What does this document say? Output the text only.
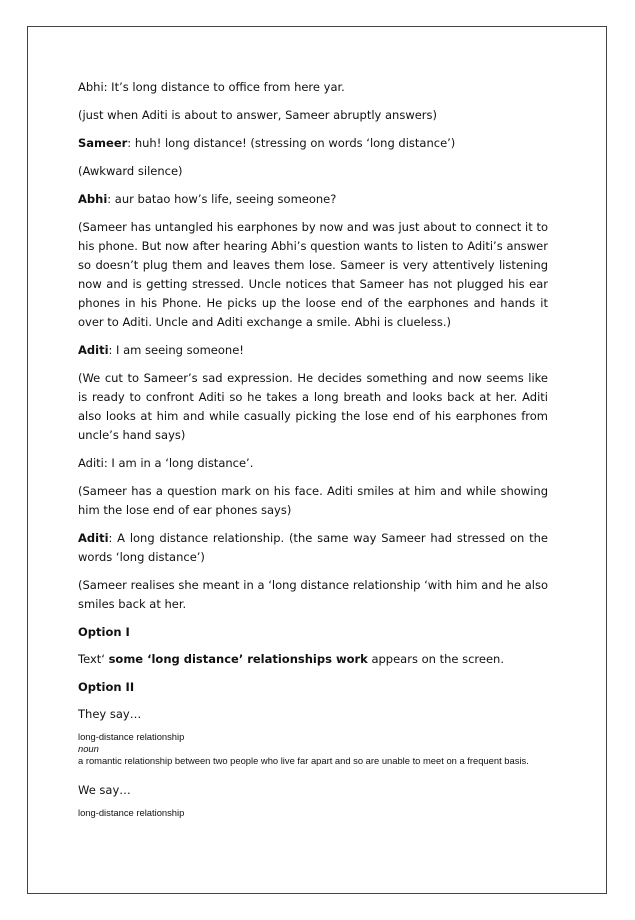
Abhi: It’s long distance to office from here yar.

(just when Aditi is about to answer, Sameer abruptly answers)

Sameer: huh! long distance! (stressing on words ‘long distance’)

(Awkward silence)

Abhi: aur batao how’s life, seeing someone?

(Sameer has untangled his earphones by now and was just about to connect it to his phone. But now after hearing Abhi’s question wants to listen to Aditi’s answer so doesn’t plug them and leaves them lose. Sameer is very attentively listening now and is getting stressed. Uncle notices that Sameer has not plugged his ear phones in his Phone. He picks up the loose end of the earphones and hands it over to Aditi. Uncle and Aditi exchange a smile. Abhi is clueless.)

Aditi: I am seeing someone!

(We cut to Sameer’s sad expression. He decides something and now seems like is ready to confront Aditi so he takes a long breath and looks back at her. Aditi also looks at him and while casually picking the lose end of his earphones from uncle’s hand says)

Aditi: I am in a ‘long distance’.

(Sameer has a question mark on his face. Aditi smiles at him and while showing him the lose end of ear phones says)

Aditi: A long distance relationship. (the same way Sameer had stressed on the words ‘long distance’)

(Sameer realises she meant in a ‘long distance relationship ‘with him and he also smiles back at her.

Option I

Text‘ some ‘long distance’ relationships work appears on the screen.

Option II

They say…

long-distance relationship

noun

a romantic relationship between two people who live far apart and so are unable to meet on a frequent basis.

We say…

long-distance relationship
